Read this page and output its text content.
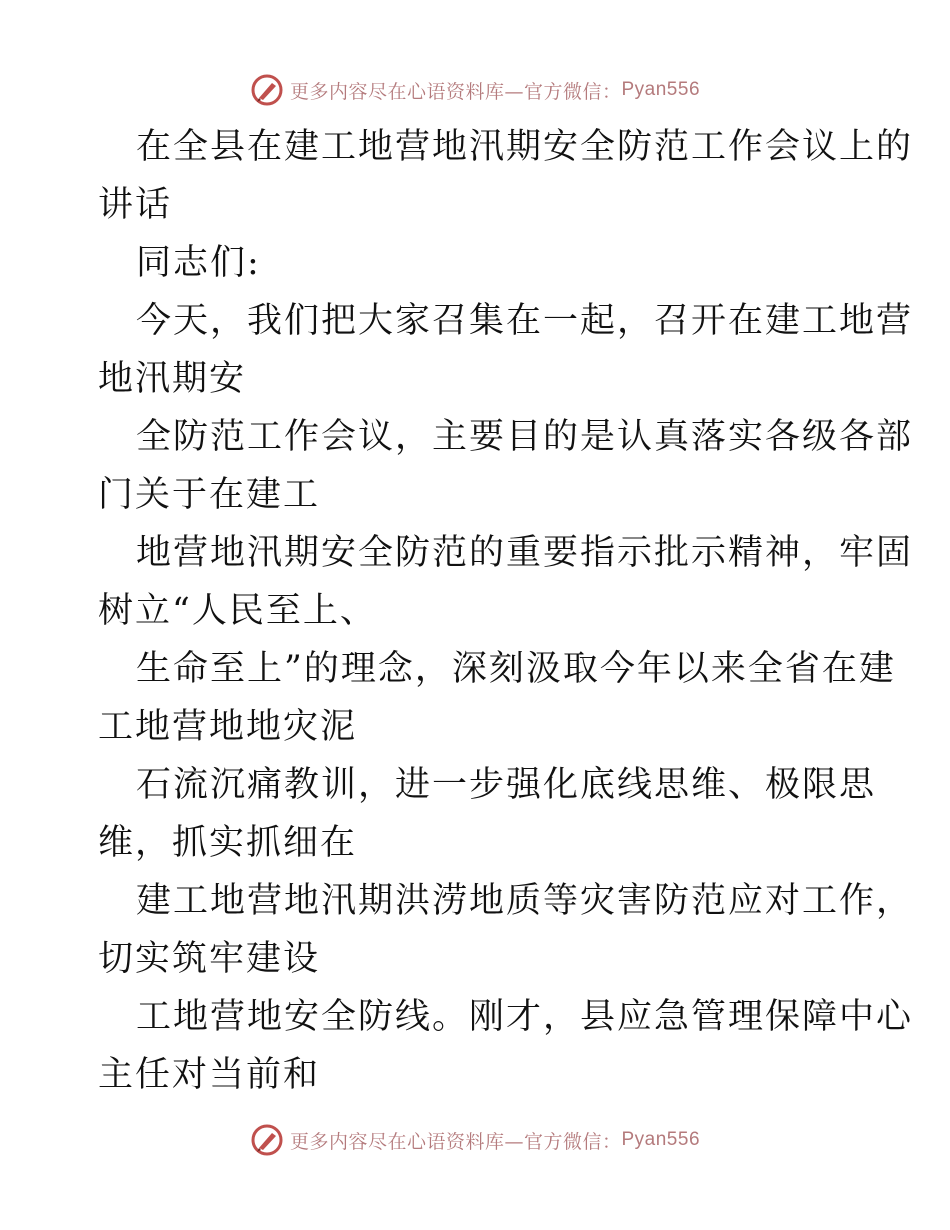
更多内容尽在心语资料库—官方微信： Pyan556
在全县在建工地营地汛期安全防范工作会议上的
讲话
同志们:
今天，我们把大家召集在一起，召开在建工地营
地汛期安
全防范工作会议，主要目的是认真落实各级各部
门关于在建工
地营地汛期安全防范的重要指示批示精神，牢固
树立“人民至上、
生命至上”的理念，深刻汲取今年以来全省在建
工地营地地灾泥
石流沉痛教训，进一步强化底线思维、极限思
维，抓实抓细在
建工地营地汛期洪涝地质等灾害防范应对工作，
切实筑牢建设
工地营地安全防线。刚才，县应急管理保障中心
主任对当前和
更多内容尽在心语资料库—官方微信： Pyan556
